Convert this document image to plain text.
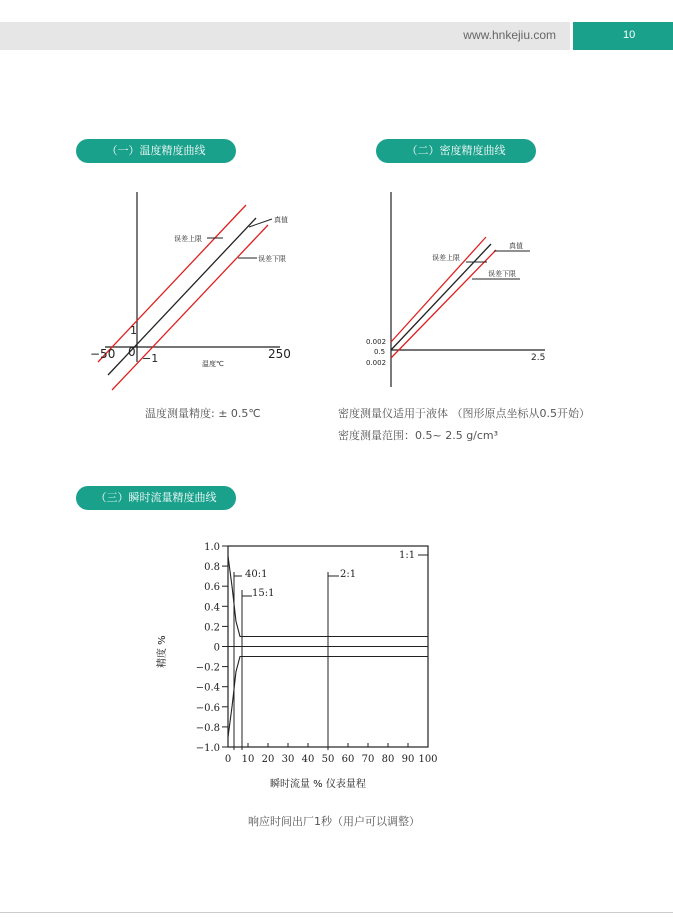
www.hnkejiu.com	10
（一）温度精度曲线	（二）密度精度曲线
（三）瞬时流量精度曲线
误差上限
真值
误差下限
温度℃
−50 0	250
1
−1
温度测量精度: ± 0.5℃
真值
误差上限
误差下限
0.002
0.5
0.002	2.5
密度测量仪适用于液体 （图形原点坐标从0.5开始）
密度测量范围：0.5~ 2.5 g/cm³
0 10 20 30 40 50 60 70 80 90 100
1.0
0.8
0.6
0.4
0.2
0
−0.2
−0.4
−0.6
−0.8
−1.0
40:1
15:1
2:1
1:1
精度 %
瞬时流量 % 仪表量程
响应时间出厂1秒（用户可以调整）
